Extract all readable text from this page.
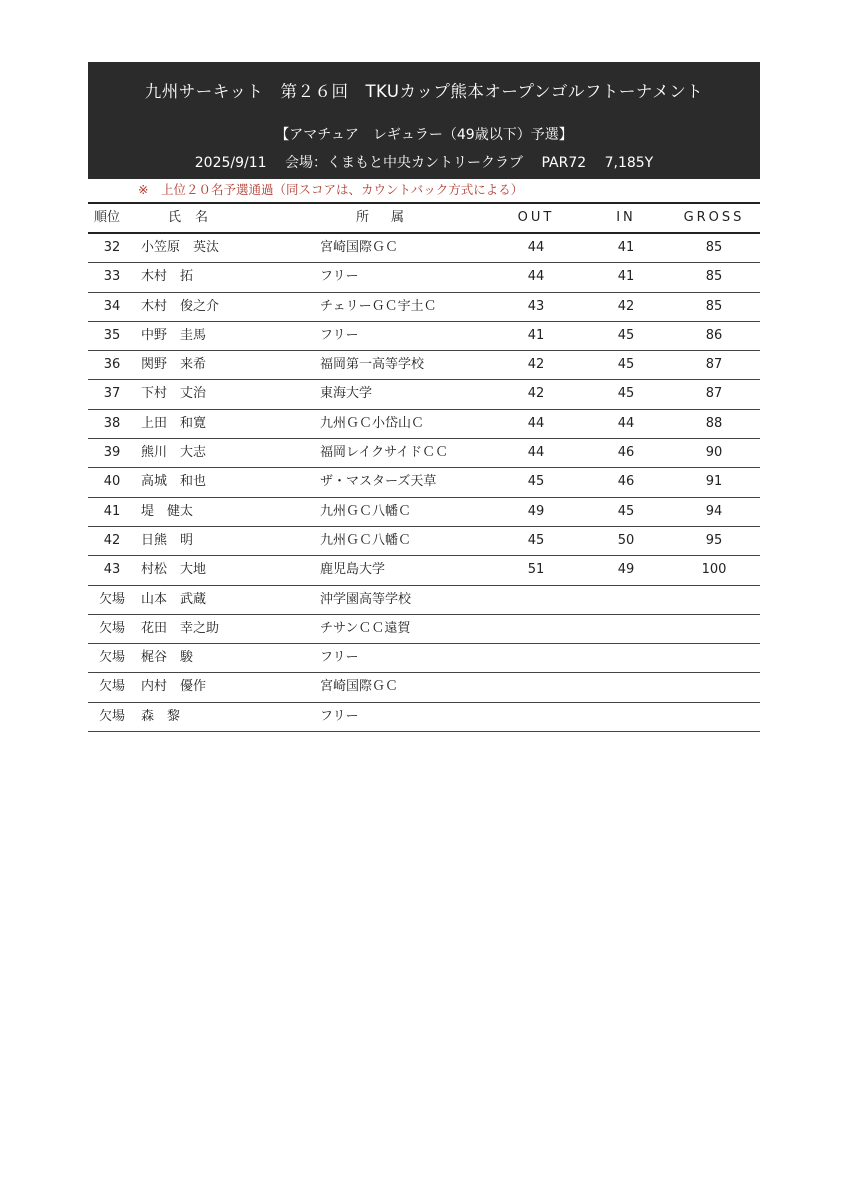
九州サーキット　第２６回　TKUカップ熊本オープンゴルフトーナメント
【アマチュア　レギュラー（49歳以下）予選】
2025/9/11 会場：くまもと中央カントリークラブ PAR72 7,185Y
※　上位２０名予選通過（同スコアは、カウントバック方式による）
順位	氏名	所属	OUT	IN	GROSS
32	小笠原　英汰	宮崎国際ＧＣ	44	41	85
33	木村　拓	フリー	44	41	85
34	木村　俊之介	チェリーＧＣ宇土Ｃ	43	42	85
35	中野　圭馬	フリー	41	45	86
36	関野　来希	福岡第一高等学校	42	45	87
37	下村　丈治	東海大学	42	45	87
38	上田　和寛	九州ＧＣ小岱山Ｃ	44	44	88
39	熊川　大志	福岡レイクサイドＣＣ	44	46	90
40	高城　和也	ザ・マスターズ天草	45	46	91
41	堤　健太	九州ＧＣ八幡Ｃ	49	45	94
42	日熊　明	九州ＧＣ八幡Ｃ	45	50	95
43	村松　大地	鹿児島大学	51	49	100
欠場	山本　武蔵	沖学園高等学校
欠場	花田　幸之助	チサンＣＣ遠賀
欠場	梶谷　駿	フリー
欠場	内村　優作	宮崎国際ＧＣ
欠場	森　黎	フリー
